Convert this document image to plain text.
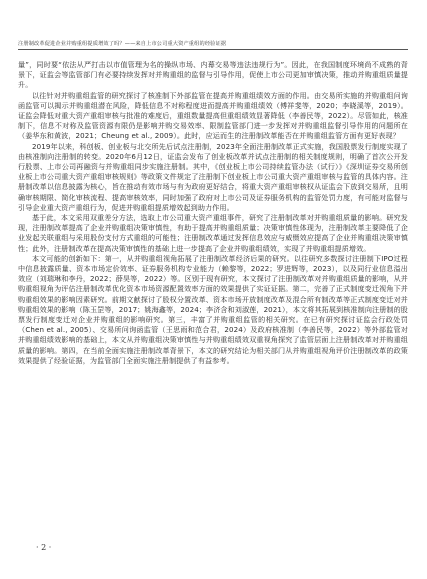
注册制改革促进企业并购重组提质增效了吗？——来自上市公司重大资产重组的经验证据

量”，同时要“依法从严打击以市值管理为名的操纵市场、内幕交易等违法违规行为”。因此，在我国制度环境尚不成熟的背景下，证监会等监管部门有必要持续发挥对并购重组的监督与引导作用，促使上市公司更加审慎决策，推动并购重组质量提升。

以往针对并购重组监管的研究探讨了核准制下外部监管在提高并购重组绩效方面的作用。由交易所实施的并购重组问询函监管可以揭示并购重组潜在风险，降低信息不对称程度进而提高并购重组绩效（傅祥斐等，2020；李晓溪等，2019）。证监会降低对重大资产重组审核与批准的难度后，重组数量提高但重组绩效显著降低（李善民等，2022）。尽管如此，核准制下，信息不对称及监管资源有限仍是影响并购交易效率、限制监管部门进一步发挥对并购重组监督引导作用的问题所在（姜华东和黄波，2021；Cheung et al., 2009）。此时，应运而生的注册制改革能否在并购重组监管方面有更好表现？

2019年以来，科创板、创业板与北交所先后试点注册制，2023年全面注册制改革正式实施，我国股票发行制度实现了由核准制向注册制的转变。2020年6月12日，证监会发布了创业板改革并试点注册制的相关制度规则，明确了首次公开发行股票、上市公司再融资与并购重组同步实施注册制。其中，《创业板上市公司持续监管办法（试行）》《深圳证券交易所创业板上市公司重大资产重组审核规则》等政策文件规定了注册制下创业板上市公司重大资产重组审核与监管的具体内容。注册制改革以信息披露为核心，旨在推动有效市场与有为政府更好结合，将重大资产重组审核权从证监会下放到交易所，且明确审核期限、简化审核流程、提高审核效率，同时加强了政府对上市公司及证券服务机构的监管处罚力度，有可能对监督与引导企业重大资产重组行为，促进并购重组提质增效起到助力作用。

基于此，本文采用双重差分方法，选取上市公司重大资产重组事件，研究了注册制改革对并购重组质量的影响。研究发现，注册制改革提高了企业并购重组决策审慎性，有助于提高并购重组质量；决策审慎性体现为，注册制改革主要降低了企业发起关联重组与采用股份支付方式重组的可能性；注册制改革通过发挥信息效应与威慑效应提高了企业并购重组决策审慎性；此外，注册制改革在提高决策审慎性的基础上进一步提高了企业并购重组绩效，实现了并购重组提质增效。

本文可能的创新如下：第一，从并购重组视角拓展了注册制改革经济后果的研究。以往研究多数探讨注册制下IPO过程中信息披露质量、资本市场定价效率、证券服务机构专业能力（赖黎等，2022；罗进辉等，2023），以及同行业信息溢出效应（刘瑞琳和李丹，2022；薛昊等，2022）等。区别于现有研究，本文探讨了注册制改革对并购重组质量的影响，从并购重组视角为评估注册制改革优化资本市场资源配置效率方面的效果提供了实证证据。第二，完善了正式制度变迁视角下并购重组效果的影响因素研究。前期文献探讨了股权分置改革、资本市场开放制度改革及混合所有制改革等正式制度变迁对并购重组效果的影响（陈玉罡等，2017；姚海鑫等，2024；李济含和刘淑莲，2021），本文将其拓展到核准制向注册制的股票发行制度变迁对企业并购重组的影响研究。第三，丰富了并购重组监管的相关研究。在已有研究探讨证监会行政处罚（Chen et al., 2005）、交易所问询函监管（王思雨和范合君，2024）及政府核准制（李善民等，2022）等外部监管对并购重组绩效影响的基础上，本文从并购重组决策审慎性与并购重组绩效双重视角探究了监管层面上注册制改革对并购重组质量的影响。第四，在当前全面实施注册制改革背景下，本文的研究结论为相关部门从并购重组视角评价注册制改革的政策效果提供了经验证据，为监管部门全面实施注册制提供了有益参考。

· 2 ·
